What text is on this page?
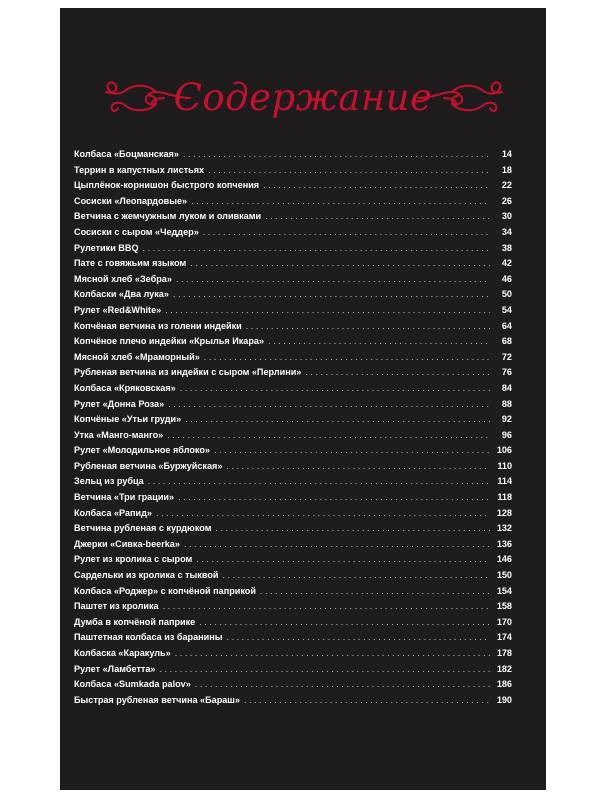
Содержание
Колбаса «Боцманская» . . .	14
Террин в капустных листьях . . .	18
Цыплёнок-корнишон быстрого копчения . . .	22
Сосиски «Леопардовые» . . .	26
Ветчина с жемчужным луком и оливками . . .	30
Сосиски с сыром «Чеддер» . . .	34
Рулетики BBQ . . .	38
Пате с говяжьим языком . . .	42
Мясной хлеб «Зебра» . . .	46
Колбаски «Два лука» . . .	50
Рулет «Red&White» . . .	54
Копчёная ветчина из голени индейки . . .	64
Копчёное плечо индейки «Крылья Икара» . . .	68
Мясной хлеб «Мраморный» . . .	72
Рубленая ветчина из индейки с сыром «Перлини» . . .	76
Колбаса «Кряковская» . . .	84
Рулет «Донна Роза» . . .	88
Копчёные «Утьи груди» . . .	92
Утка «Манго-манго» . . .	96
Рулет «Молодильное яблоко» . . .	106
Рубленая ветчина «Буржуйская» . . .	110
Зельц из рубца . . .	114
Ветчина «Три грации» . . .	118
Колбаса «Рапид» . . .	128
Ветчина рубленая с курдюком . . .	132
Джерки «Сивка-beerka» . . .	136
Рулет из кролика с сыром . . .	146
Сардельки из кролика с тыквой . . .	150
Колбаса «Роджер» с копчёной паприкой . . .	154
Паштет из кролика . . .	158
Думба в копчёной паприке . . .	170
Паштетная колбаса из баранины . . .	174
Колбаска «Каракуль» . . .	178
Рулет «Ламбетта» . . .	182
Колбаса «Sumkada palov» . . .	186
Быстрая рубленая ветчина «Бараш» . . .	190
